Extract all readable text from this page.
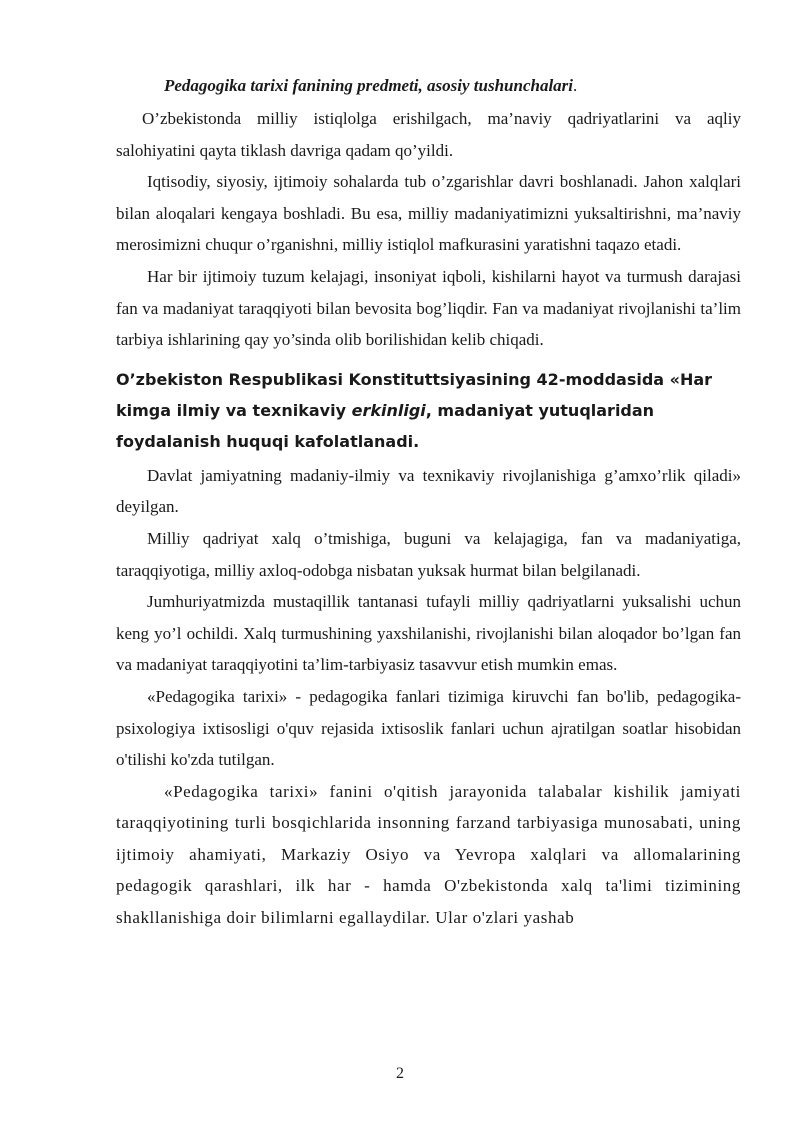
Pedagogika tarixi fanining predmeti, asosiy tushunchalari.

O’zbekistonda milliy istiqlolga erishilgach, ma’naviy qadriyatlarini va aqliy salohiyatini qayta tiklash davriga qadam qo’yildi.

Iqtisodiy, siyosiy, ijtimoiy sohalarda tub o’zgarishlar davri boshlanadi. Jahon xalqlari bilan aloqalari kengaya boshladi. Bu esa, milliy madaniyatimizni yuksaltirishni, ma’naviy merosimizni chuqur o’rganishni, milliy istiqlol mafkurasini yaratishni taqazo etadi.

Har bir ijtimoiy tuzum kelajagi, insoniyat iqboli, kishilarni hayot va turmush darajasi fan va madaniyat taraqqiyoti bilan bevosita bog’liqdir. Fan va madaniyat rivojlanishi ta’lim tarbiya ishlarining qay yo’sinda olib borilishidan kelib chiqadi.

O’zbekiston Respublikasi Konstituttsiyasining 42-moddasida «Har kimga ilmiy va texnikaviy erkinligi, madaniyat yutuqlaridan foydalanish huquqi kafolatlanadi.

Davlat jamiyatning madaniy-ilmiy va texnikaviy rivojlanishiga g’amxo’rlik qiladi» deyilgan.

Milliy qadriyat xalq o’tmishiga, buguni va kelajagiga, fan va madaniyatiga, taraqqiyotiga, milliy axloq-odobga nisbatan yuksak hurmat bilan belgilanadi.

Jumhuriyatmizda mustaqillik tantanasi tufayli milliy qadriyatlarni yuksalishi uchun keng yo’l ochildi. Xalq turmushining yaxshilanishi, rivojlanishi bilan aloqador bo’lgan fan va madaniyat taraqqiyotini ta’lim-tarbiyasiz tasavvur etish mumkin emas.

«Pedagogika tarixi» - pedagogika fanlari tizimiga kiruvchi fan bo'lib, pedagogika-psixologiya ixtisosligi o'quv rejasida ixtisoslik fanlari uchun ajratilgan soatlar hisobidan o'tilishi ko'zda tutilgan.

«Pedagogika tarixi» fanini o'qitish jarayonida talabalar kishilik jamiyati taraqqiyotining turli bosqichlarida insonning farzand tarbiyasiga munosabati, uning ijtimoiy ahamiyati, Markaziy Osiyo va Yevropa xalqlari va allomalarining pedagogik qarashlari, ilk har - hamda O'zbekistonda xalq ta'limi tizimining shakllanishiga doir bilimlarni egallaydilar. Ular o'zlari yashab

2
